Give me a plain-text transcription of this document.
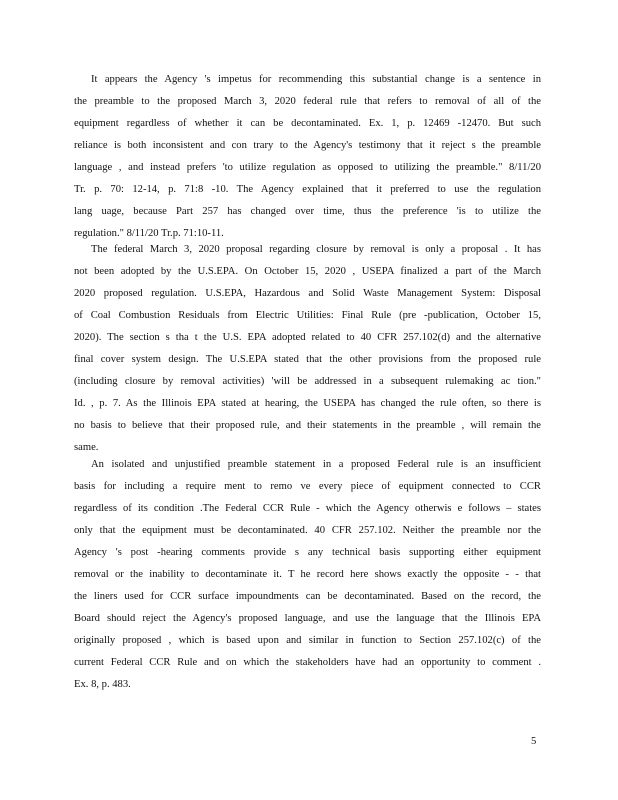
It appears the Agency 's impetus for recommending this substantial change is a sentence in
the preamble to the proposed March 3, 2020 federal rule that refers to removal of all of the
equipment regardless of whether it can be decontaminated. Ex. 1, p. 12469 -12470. But such
reliance is both inconsistent and con trary to the Agency's testimony that it reject s the preamble
language , and instead prefers 'to utilize regulation as opposed to utilizing the preamble." 8/11/20
Tr. p. 70: 12-14, p. 71:8 -10. The Agency explained that it preferred to use the regulation
lang uage, because Part 257 has changed over time, thus the preference 'is to utilize the
regulation." 8/11/20 Tr.p. 71:10-11.
The federal March 3, 2020 proposal regarding closure by removal is only a proposal . It has
not been adopted by the U.S.EPA. On October 15, 2020 , USEPA finalized a part of the March
2020 proposed regulation. U.S.EPA, Hazardous and Solid Waste Management System: Disposal
of Coal Combustion Residuals from Electric Utilities: Final Rule (pre -publication, October 15,
2020). The section s tha t the U.S. EPA adopted related to 40 CFR 257.102(d) and the alternative
final cover system design. The U.S.EPA stated that the other provisions from the proposed rule
(including closure by removal activities) 'will be addressed in a subsequent rulemaking ac tion."
Id. , p. 7. As the Illinois EPA stated at hearing, the USEPA has changed the rule often, so there is
no basis to believe that their proposed rule, and their statements in the preamble , will remain the
same.
An isolated and unjustified preamble statement in a proposed Federal rule is an insufficient
basis for including a require ment to remo ve every piece of equipment connected to CCR
regardless of its condition .The Federal CCR Rule - which the Agency otherwis e follows – states
only that the equipment must be decontaminated. 40 CFR 257.102. Neither the preamble nor the
Agency 's post -hearing comments provide s any technical basis supporting either equipment
removal or the inability to decontaminate it. T he record here shows exactly the opposite - - that
the liners used for CCR surface impoundments can be decontaminated. Based on the record, the
Board should reject the Agency's proposed language, and use the language that the Illinois EPA
originally proposed , which is based upon and similar in function to Section 257.102(c) of the
current Federal CCR Rule and on which the stakeholders have had an opportunity to comment .
Ex. 8, p. 483.
5
